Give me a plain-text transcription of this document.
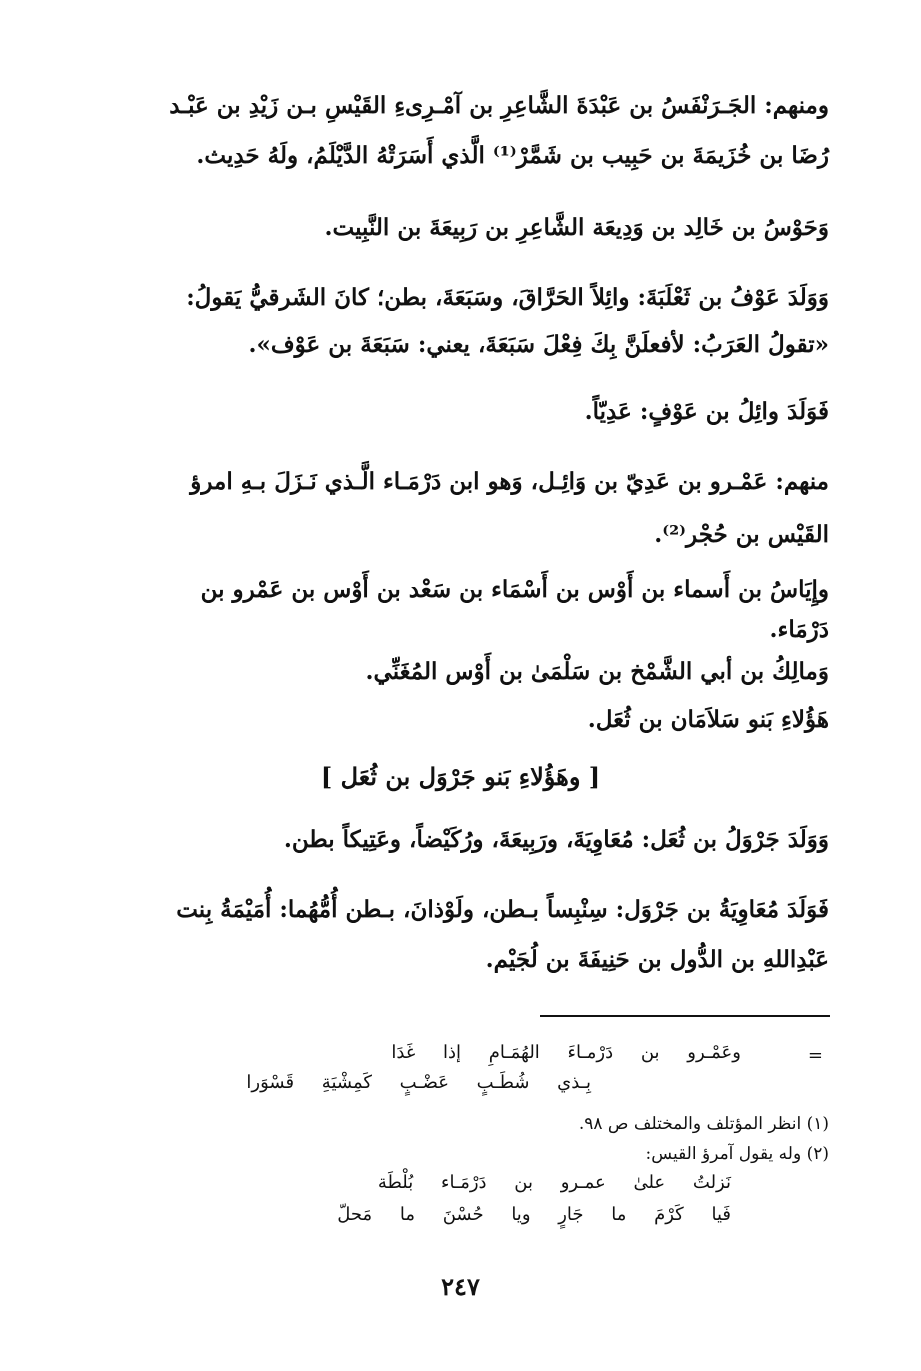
ومنهم: الجَـرَنْفَسُ بن عَبْدَةَ الشَّاعِرِ بن آمْـرِىءِ القَيْسِ بـن زَيْدِ بن عَبْـد
رُضَا بن خُزَيمَةَ بن حَبِيب بن شَمَّرْ⁽¹⁾ الَّذي أَسَرَتْهُ الدَّيْلَمُ، ولَهُ حَدِيث.
وَحَوْسُ بن خَالِد بن وَدِيعَة الشَّاعِرِ بن رَبِيعَةَ بن النَّبِيت.
وَوَلَدَ عَوْفُ بن ثَعْلَبَةَ: وائِلاً الحَرَّاقَ، وسَبَعَةَ، بطن؛ كانَ الشَرقيُّ يَقولُ:
«تقولُ العَرَبُ: لأفعلَنَّ بِكَ فِعْلَ سَبَعَةَ، يعني: سَبَعَةَ بن عَوْف».
فَوَلَدَ وائِلُ بن عَوْفٍ: عَدِيّاً.
منهم: عَمْـرو بن عَدِيّ بن وَائِـل، وَهو ابن دَرْمَـاء الَّـذي نَـزَلَ بـهِ امرؤ
القَيْس بن حُجْر⁽²⁾.
وإِيَاسُ بن أَسماء بن أَوْس بن أَسْمَاء بن سَعْد بن أَوْس بن عَمْرو بن
دَرْمَاء.
وَمالِكُ بن أبي الشَّمْخ بن سَلْمَىٰ بن أَوْس المُغَنِّي.
هَؤُلاءِ بَنو سَلاَمَان بن ثُعَل.
[ وهَؤُلاءِ بَنو جَرْوَل بن ثُعَل ]
وَوَلَدَ جَرْوَلُ بن ثُعَل: مُعَاوِيَةَ، ورَبِيعَةَ، ورُكَيْضاً، وعَتِيكاً بطن.
فَوَلَدَ مُعَاوِيَةُ بن جَرْوَل: سِنْبِساً بـطن، ولَوْذانَ، بـطن أُمُّهُما: أُمَيْمَةُ بِنت
عَبْدِاللهِ بن الدُّول بن حَنِيفَةَ بن لُجَيْم.
=
وعَمْـرو بن دَرْمـاءَ الهُمَـامِ إذا غَدَا
بِـذي شُطَـبٍ عَضْـبٍ كَمِشْيَةِ قَسْوَرا
(١) انظر المؤتلف والمختلف ص ٩٨.
(٢) وله يقول آمرؤ القيس:
نَزلتُ علىٰ عمـرو بن دَرْمَـاء بُلْطَة
فَيا كَرْمَ ما جَارٍ ويا حُسْنَ ما مَحلّ
٢٤٧
